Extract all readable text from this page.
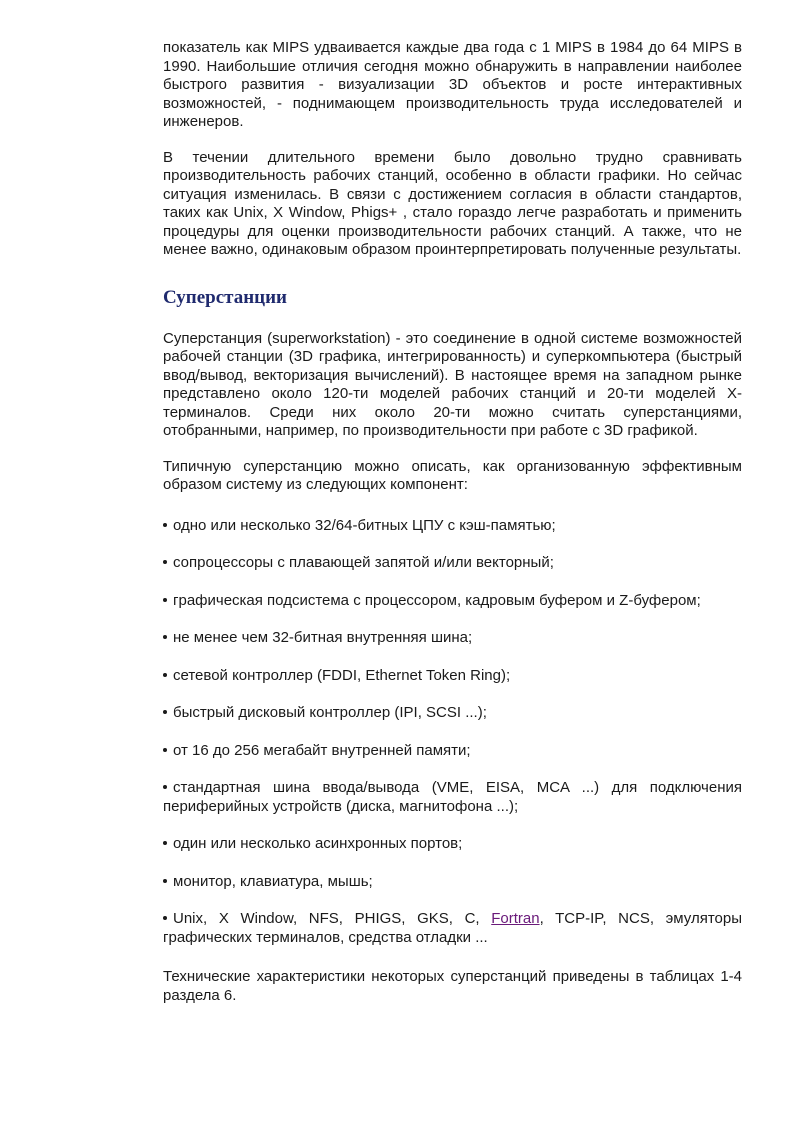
показатель как MIPS удваивается каждые два года с 1 MIPS в 1984 до 64 MIPS в 1990. Наибольшие отличия сегодня можно обнаружить в направлении наиболее быстрого развития - визуализации 3D объектов и росте интерактивных возможностей, - поднимающем производительность труда исследователей и инженеров.

В течении длительного времени было довольно трудно сравнивать производительность рабочих станций, особенно в области графики. Но сейчас ситуация изменилась. В связи с достижением согласия в области стандартов, таких как Unix, X Window, Phigs+ , стало гораздо легче разработать и применить процедуры для оценки производительности рабочих станций. А также, что не менее важно, одинаковым образом проинтерпретировать полученные результаты.

Суперстанции

Суперстанция (superworkstation) - это соединение в одной системе возможностей рабочей станции (3D графика, интегрированность) и суперкомпьютера (быстрый ввод/вывод, векторизация вычислений). В настоящее время на западном рынке представлено около 120-ти моделей рабочих станций и 20-ти моделей X-терминалов. Среди них около 20-ти можно считать суперстанциями, отобранными, например, по производительности при работе с 3D графикой.

Типичную суперстанцию можно описать, как организованную эффективным образом систему из следующих компонент:

одно или несколько 32/64-битных ЦПУ с кэш-памятью;

сопроцессоры с плавающей запятой и/или векторный;

графическая подсистема с процессором, кадровым буфером и Z-буфером;

не менее чем 32-битная внутренняя шина;

сетевой контроллер (FDDI, Ethernet Token Ring);

быстрый дисковый контроллер (IPI, SCSI ...);

от 16 до 256 мегабайт внутренней памяти;

стандартная шина ввода/вывода (VME, EISA, MCA ...) для подключения периферийных устройств (диска, магнитофона ...);

один или несколько асинхронных портов;

монитор, клавиатура, мышь;

Unix, X Window, NFS, PHIGS, GKS, C, Fortran, TCP-IP, NCS, эмуляторы графических терминалов, средства отладки ...

Технические характеристики некоторых суперстанций приведены в таблицах 1-4 раздела 6.
